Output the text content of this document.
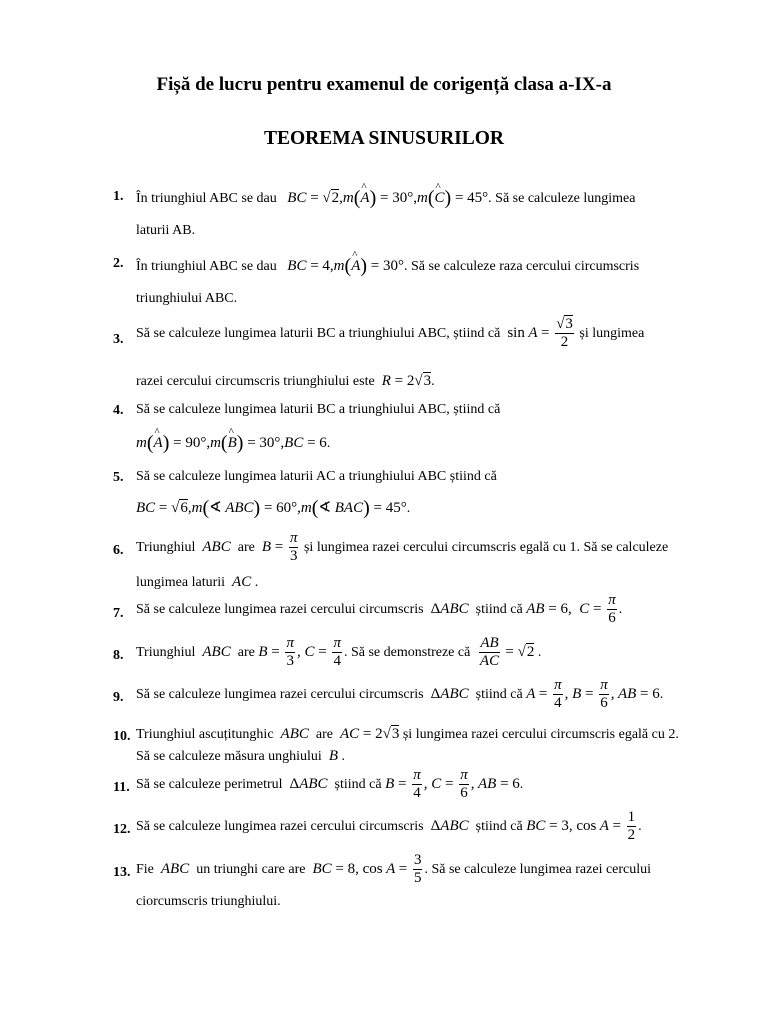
Fișă de lucru pentru examenul de corigență clasa a-IX-a
TEOREMA SINUSURILOR
1. În triunghiul ABC se dau BC = √2,m(^ A) = 30°,m(^ C) = 45°. Să se calculeze lungimea
laturii AB.
2. În triunghiul ABC se dau BC = 4,m(^ A) = 30°. Să se calculeze raza cercului circumscris
triunghiului ABC.
3. Să se calculeze lungimea laturii BC a triunghiului ABC, știind că $\sin A = \frac{√3}{2}$ și lungimea
razei cercului circumscris triunghiului este R = 2√3.
4. Să se calculeze lungimea laturii BC a triunghiului ABC, știind că
m(^ A) = 90°,m(^ B) = 30°,BC = 6.
5. Să se calculeze lungimea laturii AC a triunghiului ABC știind că
BC = √6,m(∢ ABC) = 60°,m(∢ BAC) = 45°.
6. Triunghiul ABC are $B = \frac{\pi}{3}$ și lungimea razei cercului circumscris egală cu 1. Să se calculeze
lungimea laturii AC .
7. Să se calculeze lungimea razei cercului circumscris ΔABC știind că AB = 6,  $C = \frac{\pi}{6}$ .
8. Triunghiul ABC are $B = \frac{\pi}{3}$ , $C = \frac{\pi}{4}$ . Să se demonstreze că $\frac{AB}{AC} = √2$ .
9. Să se calculeze lungimea razei cercului circumscris ΔABC știind că $A = \frac{\pi}{4}$ , $B = \frac{\pi}{6}$ , AB = 6.
10. Triunghiul ascuțitunghic ABC are AC = 2√3 și lungimea razei cercului circumscris egală cu 2.
Să se calculeze măsura unghiului B .
11. Să se calculeze perimetrul ΔABC știind că $B = \frac{\pi}{4}$ , $C = \frac{\pi}{6}$ , AB = 6.
12. Să se calculeze lungimea razei cercului circumscris ΔABC știind că BC = 3, $\cos A = \frac{1}{2}$ .
13. Fie ABC un triunghi care are BC = 8, $\cos A = \frac{3}{5}$ . Să se calculeze lungimea razei cercului
ciorcumscris triunghiului.
